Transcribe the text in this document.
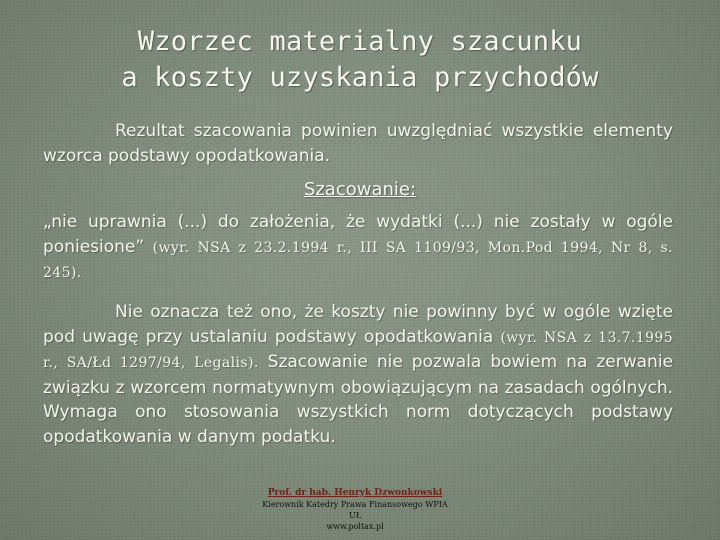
Wzorzec materialny szacunku
a koszty uzyskania przychodów
Rezultat szacowania powinien uwzględniać wszystkie elementy wzorca podstawy opodatkowania.
Szacowanie:
„nie uprawnia (...) do założenia, że wydatki (...) nie zostały w ogóle poniesione” (wyr. NSA z 23.2.1994 r., III SA 1109/93, Mon.Pod 1994, Nr 8, s. 245).
Nie oznacza też ono, że koszty nie powinny być w ogóle wzięte pod uwagę przy ustalaniu podstawy opodatkowania (wyr. NSA z 13.7.1995 r., SA/Łd 1297/94, Legalis). Szacowanie nie pozwala bowiem na zerwanie związku z wzorcem normatywnym obowiązującym na zasadach ogólnych. Wymaga ono stosowania wszystkich norm dotyczących podstawy opodatkowania w danym podatku.
Prof. dr hab. Henryk Dzwonkowski
Kierownik Katedry Prawa Finansowego WPIA UŁ
www.poltax.pl
